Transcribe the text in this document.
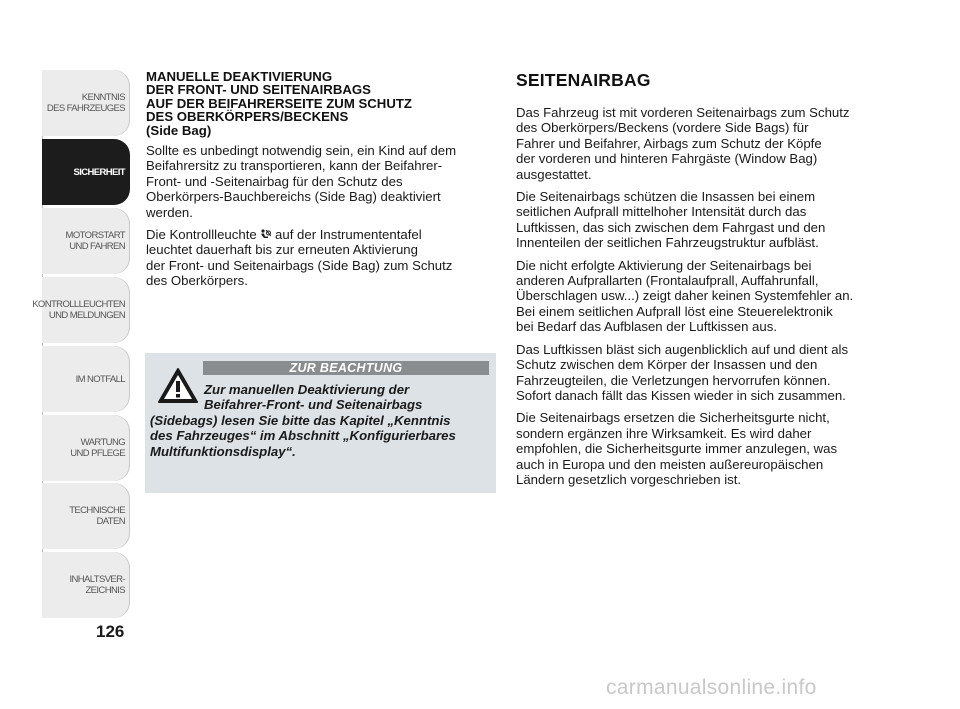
KENNTNIS
DES FAHRZEUGES
SICHERHEIT
MOTORSTART
UND FAHREN
KONTROLLLEUCHTEN
UND MELDUNGEN
IM NOTFALL
WARTUNG
UND PFLEGE
TECHNISCHE
DATEN
INHALTSVER-
ZEICHNIS
126
MANUELLE DEAKTIVIERUNG
DER FRONT- UND SEITENAIRBAGS
AUF DER BEIFAHRERSEITE ZUM SCHUTZ
DES OBERKÖRPERS/BECKENS
(Side Bag)

Sollte es unbedingt notwendig sein, ein Kind auf dem
Beifahrersitz zu transportieren, kann der Beifahrer-
Front- und -Seitenairbag für den Schutz des
Oberkörpers-Bauchbereichs (Side Bag) deaktiviert
werden.

Die Kontrollleuchte  auf der Instrumententafel
leuchtet dauerhaft bis zur erneuten Aktivierung
der Front- und Seitenairbags (Side Bag) zum Schutz
des Oberkörpers.

ZUR BEACHTUNG
Zur manuellen Deaktivierung der
Beifahrer-Front- und Seitenairbags
(Sidebags) lesen Sie bitte das Kapitel „Kenntnis
des Fahrzeuges“ im Abschnitt „Konfigurierbares
Multifunktionsdisplay“.
SEITENAIRBAG

Das Fahrzeug ist mit vorderen Seitenairbags zum Schutz
des Oberkörpers/Beckens (vordere Side Bags) für
Fahrer und Beifahrer, Airbags zum Schutz der Köpfe
der vorderen und hinteren Fahrgäste (Window Bag)
ausgestattet.

Die Seitenairbags schützen die Insassen bei einem
seitlichen Aufprall mittelhoher Intensität durch das
Luftkissen, das sich zwischen dem Fahrgast und den
Innenteilen der seitlichen Fahrzeugstruktur aufbläst.

Die nicht erfolgte Aktivierung der Seitenairbags bei
anderen Aufprallarten (Frontalaufprall, Auffahrunfall,
Überschlagen usw...) zeigt daher keinen Systemfehler an.
Bei einem seitlichen Aufprall löst eine Steuerelektronik
bei Bedarf das Aufblasen der Luftkissen aus.

Das Luftkissen bläst sich augenblicklich auf und dient als
Schutz zwischen dem Körper der Insassen und den
Fahrzeugteilen, die Verletzungen hervorrufen können.
Sofort danach fällt das Kissen wieder in sich zusammen.

Die Seitenairbags ersetzen die Sicherheitsgurte nicht,
sondern ergänzen ihre Wirksamkeit. Es wird daher
empfohlen, die Sicherheitsgurte immer anzulegen, was
auch in Europa und den meisten außereuropäischen
Ländern gesetzlich vorgeschrieben ist.

carmanualsonline.info
